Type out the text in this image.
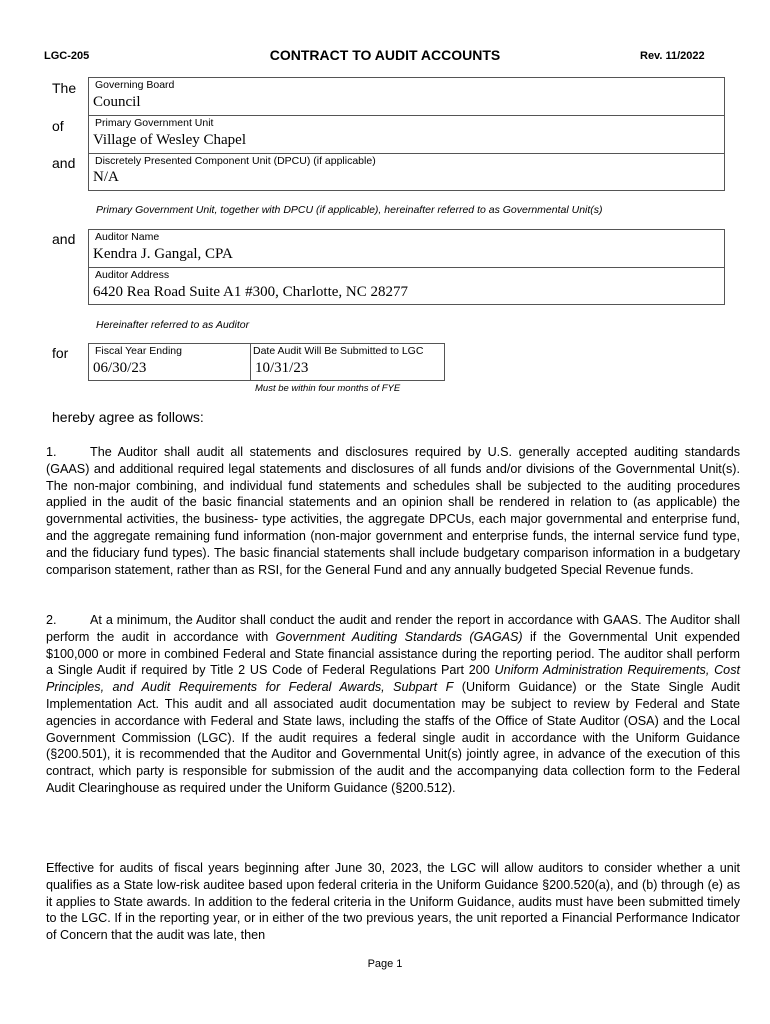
LGC-205	CONTRACT TO AUDIT ACCOUNTS	Rev. 11/2022
The
of
and
and
for
Governing Board
Council
Primary Government Unit
Village of Wesley Chapel
Discretely Presented Component Unit (DPCU) (if applicable)
N/A
Primary Government Unit, together with DPCU (if applicable), hereinafter referred to as Governmental Unit(s)
Auditor Name
Kendra J. Gangal, CPA
Auditor Address
6420 Rea Road Suite A1 #300, Charlotte, NC 28277
Hereinafter referred to as Auditor
Fiscal Year Ending
06/30/23
Date Audit Will Be Submitted to LGC
10/31/23
Must be within four months of FYE
hereby agree as follows:
1.	The Auditor shall audit all statements and disclosures required by U.S. generally accepted auditing standards (GAAS) and additional required legal statements and disclosures of all funds and/or divisions of the Governmental Unit(s). The non-major combining, and individual fund statements and schedules shall be subjected to the auditing procedures applied in the audit of the basic financial statements and an opinion shall be rendered in relation to (as applicable) the governmental activities, the business- type activities, the aggregate DPCUs, each major governmental and enterprise fund, and the aggregate remaining fund information (non-major government and enterprise funds, the internal service fund type, and the fiduciary fund types). The basic financial statements shall include budgetary comparison information in a budgetary comparison statement, rather than as RSI, for the General Fund and any annually budgeted Special Revenue funds.
2.	At a minimum, the Auditor shall conduct the audit and render the report in accordance with GAAS. The Auditor shall perform the audit in accordance with Government Auditing Standards (GAGAS) if the Governmental Unit expended $100,000 or more in combined Federal and State financial assistance during the reporting period. The auditor shall perform a Single Audit if required by Title 2 US Code of Federal Regulations Part 200 Uniform Administration Requirements, Cost Principles, and Audit Requirements for Federal Awards, Subpart F (Uniform Guidance) or the State Single Audit Implementation Act. This audit and all associated audit documentation may be subject to review by Federal and State agencies in accordance with Federal and State laws, including the staffs of the Office of State Auditor (OSA) and the Local Government Commission (LGC). If the audit requires a federal single audit in accordance with the Uniform Guidance (§200.501), it is recommended that the Auditor and Governmental Unit(s) jointly agree, in advance of the execution of this contract, which party is responsible for submission of the audit and the accompanying data collection form to the Federal Audit Clearinghouse as required under the Uniform Guidance (§200.512).
Effective for audits of fiscal years beginning after June 30, 2023, the LGC will allow auditors to consider whether a unit qualifies as a State low-risk auditee based upon federal criteria in the Uniform Guidance §200.520(a), and (b) through (e) as it applies to State awards. In addition to the federal criteria in the Uniform Guidance, audits must have been submitted timely to the LGC. If in the reporting year, or in either of the two previous years, the unit reported a Financial Performance Indicator of Concern that the audit was late, then
Page 1
